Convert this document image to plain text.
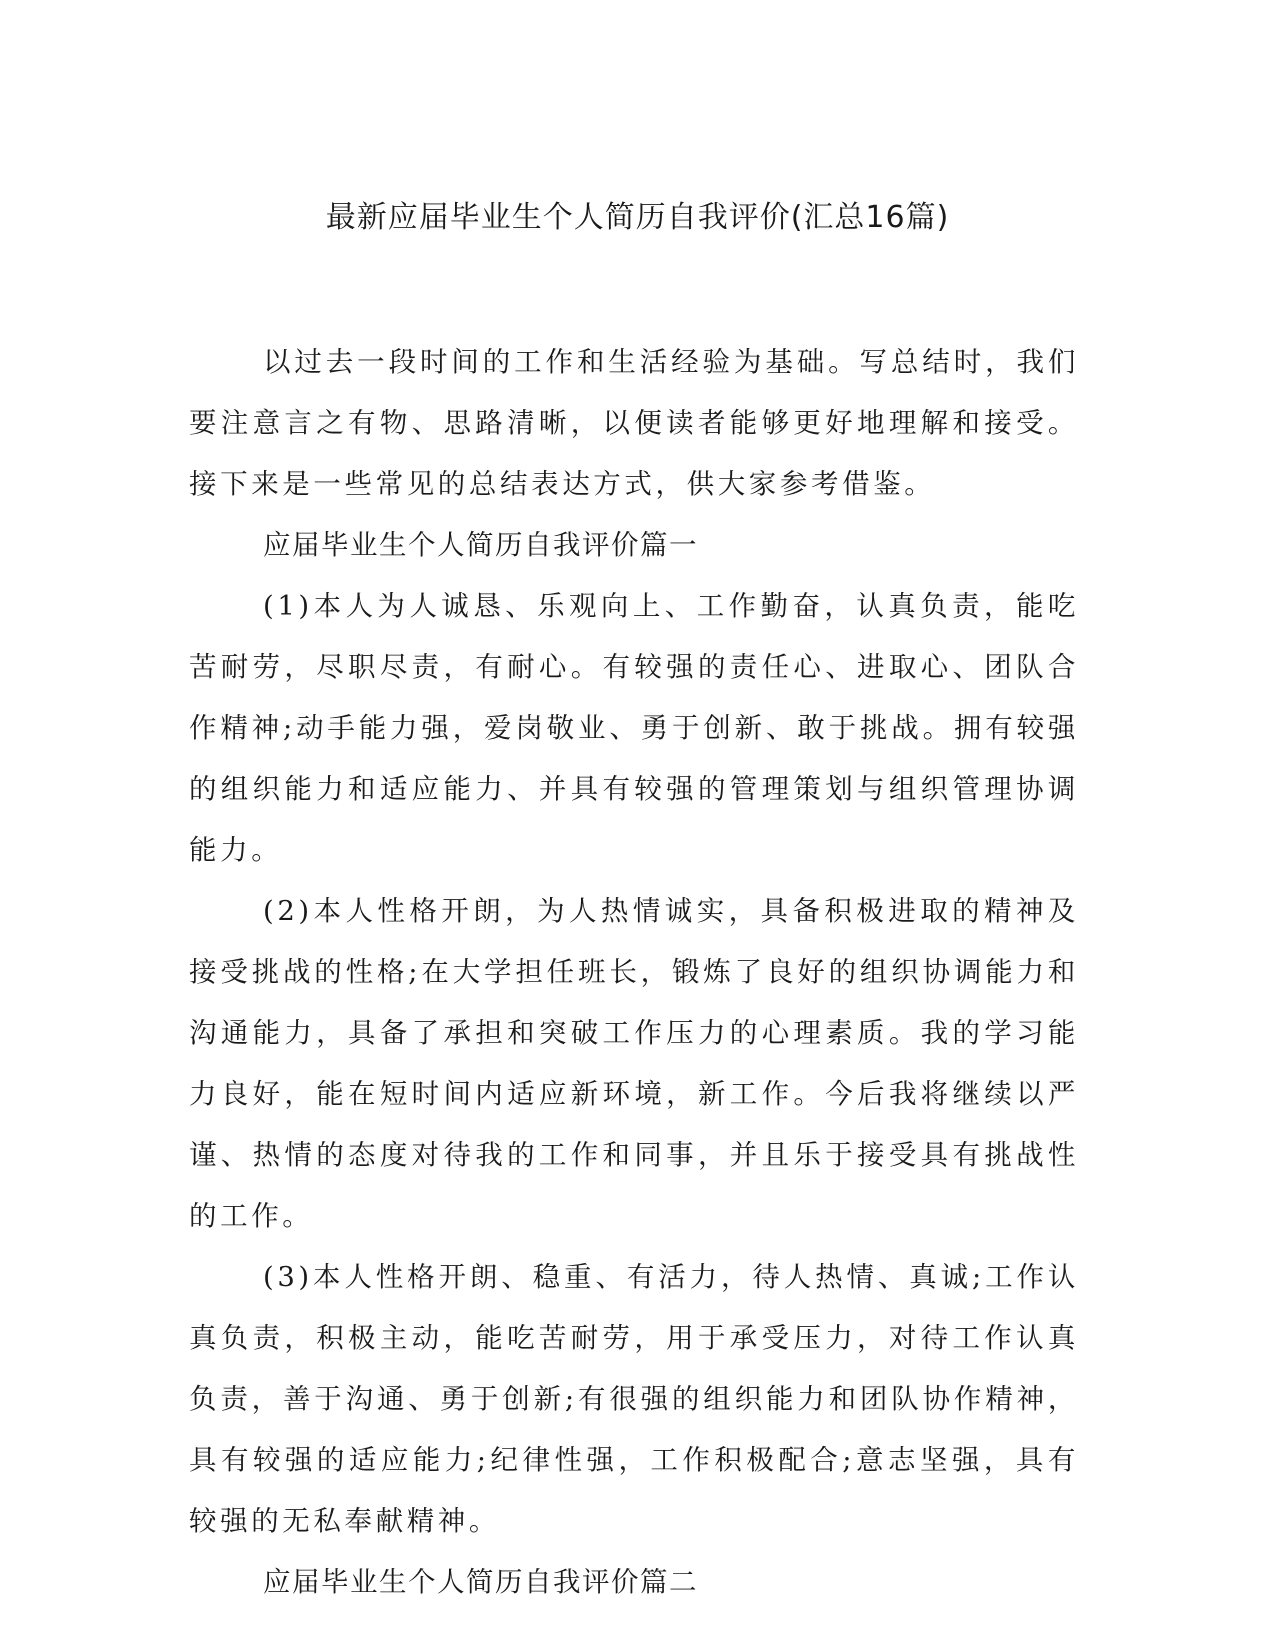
最新应届毕业生个人简历自我评价(汇总16篇)

以过去一段时间的工作和生活经验为基础。写总结时，我们要注意言之有物、思路清晰，以便读者能够更好地理解和接受。接下来是一些常见的总结表达方式，供大家参考借鉴。

应届毕业生个人简历自我评价篇一

(1)本人为人诚恳、乐观向上、工作勤奋，认真负责，能吃苦耐劳，尽职尽责，有耐心。有较强的责任心、进取心、团队合作精神;动手能力强，爱岗敬业、勇于创新、敢于挑战。拥有较强的组织能力和适应能力、并具有较强的管理策划与组织管理协调能力。

(2)本人性格开朗，为人热情诚实，具备积极进取的精神及接受挑战的性格;在大学担任班长，锻炼了良好的组织协调能力和沟通能力，具备了承担和突破工作压力的心理素质。我的学习能力良好，能在短时间内适应新环境，新工作。今后我将继续以严谨、热情的态度对待我的工作和同事，并且乐于接受具有挑战性的工作。

(3)本人性格开朗、稳重、有活力，待人热情、真诚;工作认真负责，积极主动，能吃苦耐劳，用于承受压力，对待工作认真负责，善于沟通、勇于创新;有很强的组织能力和团队协作精神，具有较强的适应能力;纪律性强，工作积极配合;意志坚强，具有较强的无私奉献精神。

应届毕业生个人简历自我评价篇二
